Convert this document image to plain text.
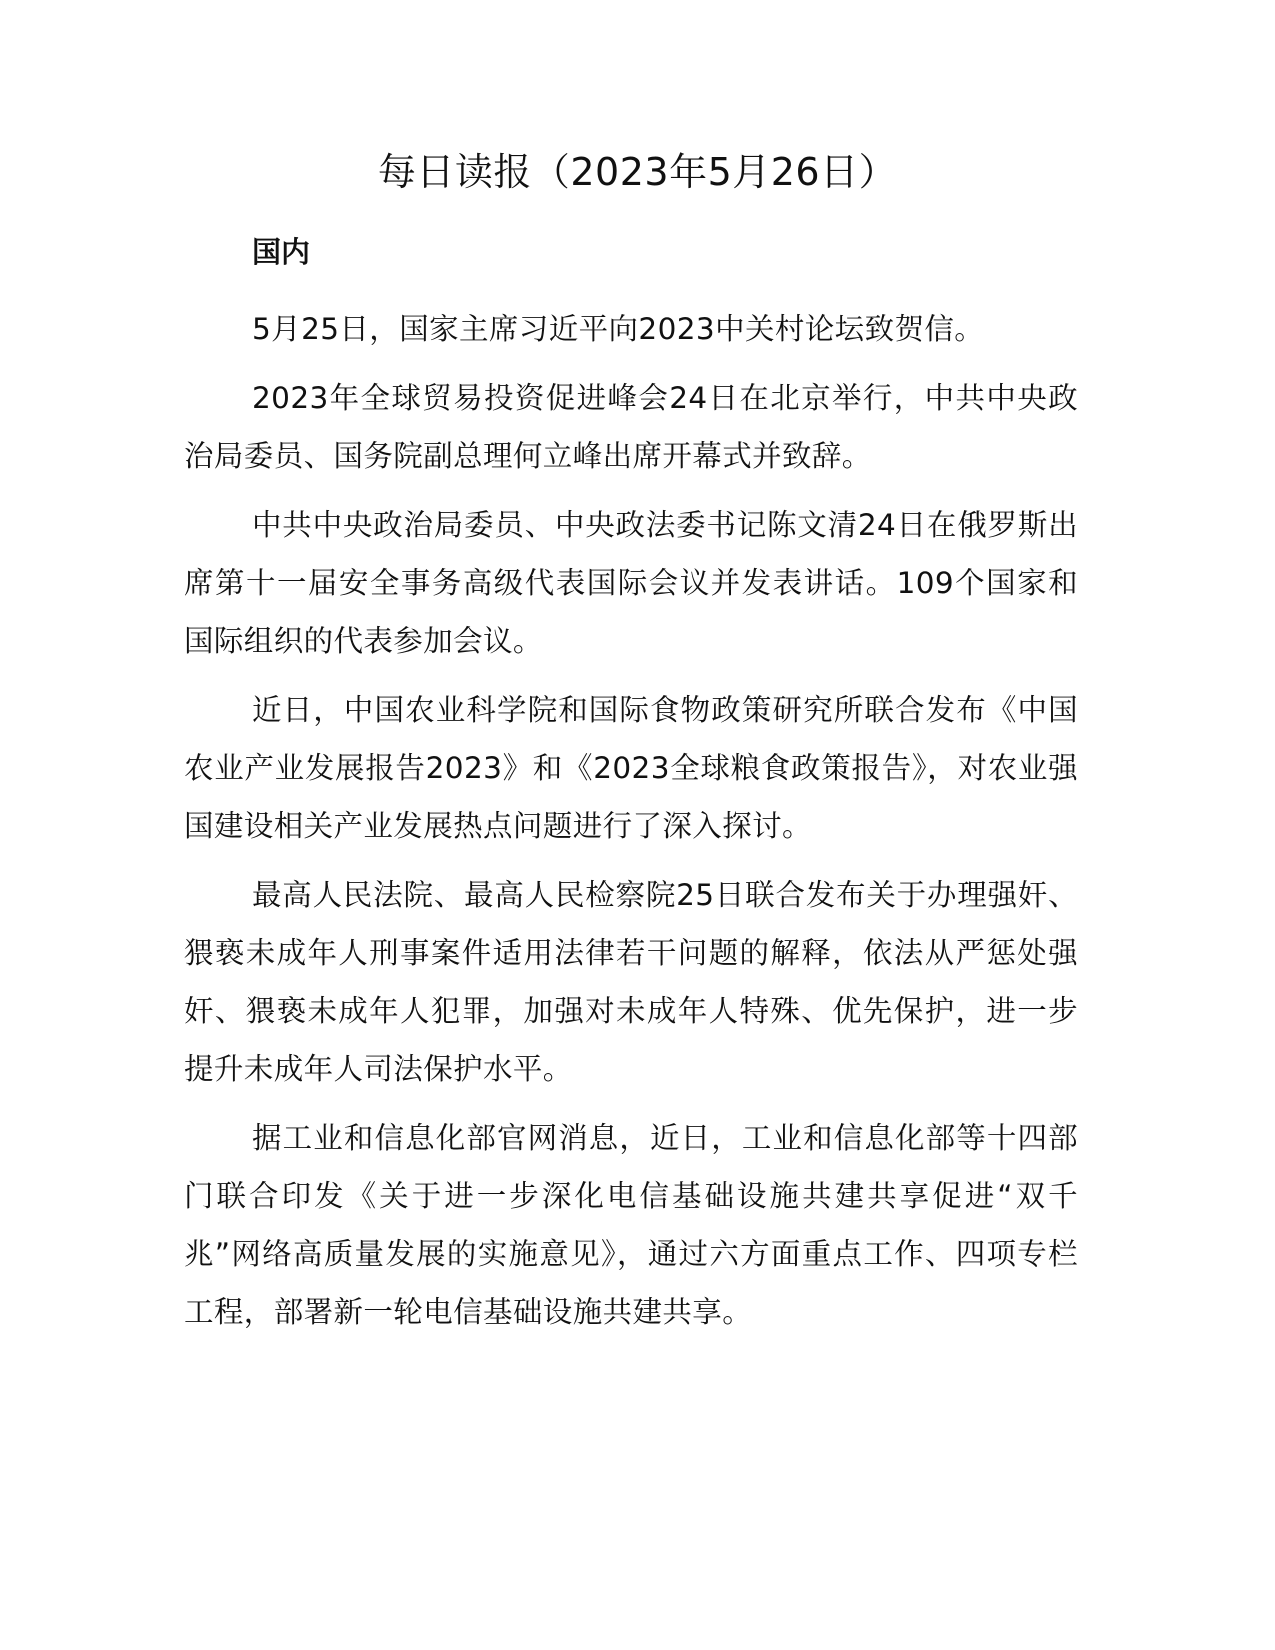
每日读报（2023年5月26日）

国内

5月25日，国家主席习近平向2023中关村论坛致贺信。

2023年全球贸易投资促进峰会24日在北京举行，中共中央政治局委员、国务院副总理何立峰出席开幕式并致辞。

中共中央政治局委员、中央政法委书记陈文清24日在俄罗斯出席第十一届安全事务高级代表国际会议并发表讲话。109个国家和国际组织的代表参加会议。

近日，中国农业科学院和国际食物政策研究所联合发布《中国农业产业发展报告2023》和《2023全球粮食政策报告》，对农业强国建设相关产业发展热点问题进行了深入探讨。

最高人民法院、最高人民检察院25日联合发布关于办理强奸、猥亵未成年人刑事案件适用法律若干问题的解释，依法从严惩处强奸、猥亵未成年人犯罪，加强对未成年人特殊、优先保护，进一步提升未成年人司法保护水平。

据工业和信息化部官网消息，近日，工业和信息化部等十四部门联合印发《关于进一步深化电信基础设施共建共享促进“双千兆”网络高质量发展的实施意见》，通过六方面重点工作、四项专栏工程，部署新一轮电信基础设施共建共享。
